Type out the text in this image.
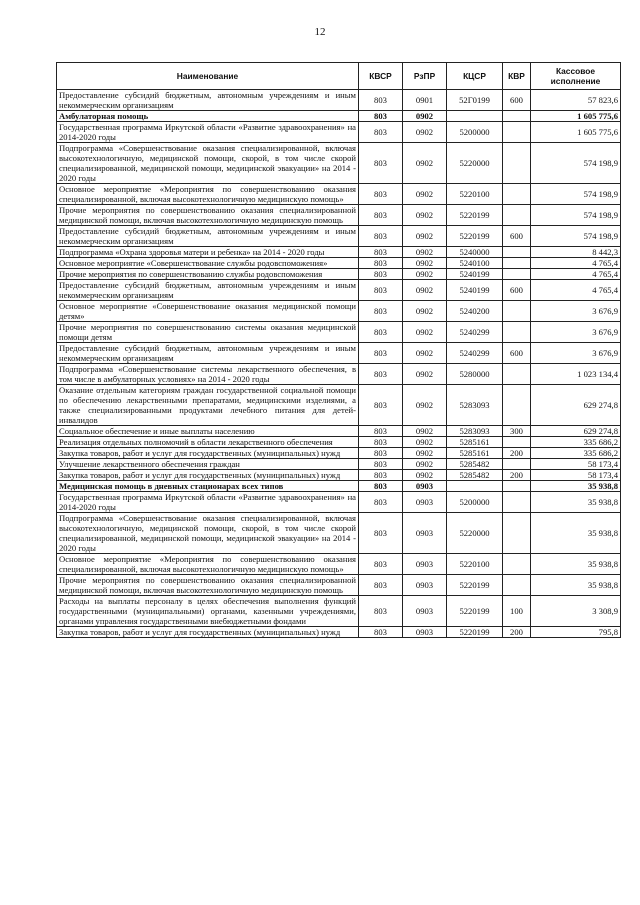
12
Наименование	КВСР	РзПР	КЦСР	КВР	Кассовое исполнение
Предоставление субсидий бюджетным, автономным учреждениям и иным некоммерческим организациям	803	0901	52Г0199	600	57 823,6
Амбулаторная помощь	803	0902			1 605 775,6
Государственная программа Иркутской области «Развитие здравоохранения» на 2014-2020 годы	803	0902	5200000		1 605 775,6
Подпрограмма «Совершенствование оказания специализированной, включая высокотехнологичную, медицинской помощи, скорой, в том числе скорой специализированной, медицинской помощи, медицинской эвакуации» на 2014 - 2020 годы	803	0902	5220000		574 198,9
Основное мероприятие «Мероприятия по совершенствованию оказания специализированной, включая высокотехнологичную медицинскую помощь»	803	0902	5220100		574 198,9
Прочие мероприятия по совершенствованию оказания специализированной медицинской помощи, включая высокотехнологичную медицинскую помощь	803	0902	5220199		574 198,9
Предоставление субсидий бюджетным, автономным учреждениям и иным некоммерческим организациям	803	0902	5220199	600	574 198,9
Подпрограмма «Охрана здоровья матери и ребенка» на 2014 - 2020 годы	803	0902	5240000		8 442,3
Основное мероприятие «Совершенствование службы родовспоможения»	803	0902	5240100		4 765,4
Прочие мероприятия по совершенствованию службы родовспоможения	803	0902	5240199		4 765,4
Предоставление субсидий бюджетным, автономным учреждениям и иным некоммерческим организациям	803	0902	5240199	600	4 765,4
Основное мероприятие «Совершенствование оказания медицинской помощи детям»	803	0902	5240200		3 676,9
Прочие мероприятия по совершенствованию системы оказания медицинской помощи детям	803	0902	5240299		3 676,9
Предоставление субсидий бюджетным, автономным учреждениям и иным некоммерческим организациям	803	0902	5240299	600	3 676,9
Подпрограмма «Совершенствование системы лекарственного обеспечения, в том числе в амбулаторных условиях» на 2014 - 2020 годы	803	0902	5280000		1 023 134,4
Оказание отдельным категориям граждан государственной социальной помощи по обеспечению лекарственными препаратами, медицинскими изделиями, а также специализированными продуктами лечебного питания для детей-инвалидов	803	0902	5283093		629 274,8
Социальное обеспечение и иные выплаты населению	803	0902	5283093	300	629 274,8
Реализация отдельных полномочий в области лекарственного обеспечения	803	0902	5285161		335 686,2
Закупка товаров, работ и услуг для государственных (муниципальных) нужд	803	0902	5285161	200	335 686,2
Улучшение лекарственного обеспечения граждан	803	0902	5285482		58 173,4
Закупка товаров, работ и услуг для государственных (муниципальных) нужд	803	0902	5285482	200	58 173,4
Медицинская помощь в дневных стационарах всех типов	803	0903			35 938,8
Государственная программа Иркутской области «Развитие здравоохранения» на 2014-2020 годы	803	0903	5200000		35 938,8
Подпрограмма «Совершенствование оказания специализированной, включая высокотехнологичную, медицинской помощи, скорой, в том числе скорой специализированной, медицинской помощи, медицинской эвакуации» на 2014 - 2020 годы	803	0903	5220000		35 938,8
Основное мероприятие «Мероприятия по совершенствованию оказания специализированной, включая высокотехнологичную медицинскую помощь»	803	0903	5220100		35 938,8
Прочие мероприятия по совершенствованию оказания специализированной медицинской помощи, включая высокотехнологичную медицинскую помощь	803	0903	5220199		35 938,8
Расходы на выплаты персоналу в целях обеспечения выполнения функций государственными (муниципальными) органами, казенными учреждениями, органами управления государственными внебюджетными фондами	803	0903	5220199	100	3 308,9
Закупка товаров, работ и услуг для государственных (муниципальных) нужд	803	0903	5220199	200	795,8
